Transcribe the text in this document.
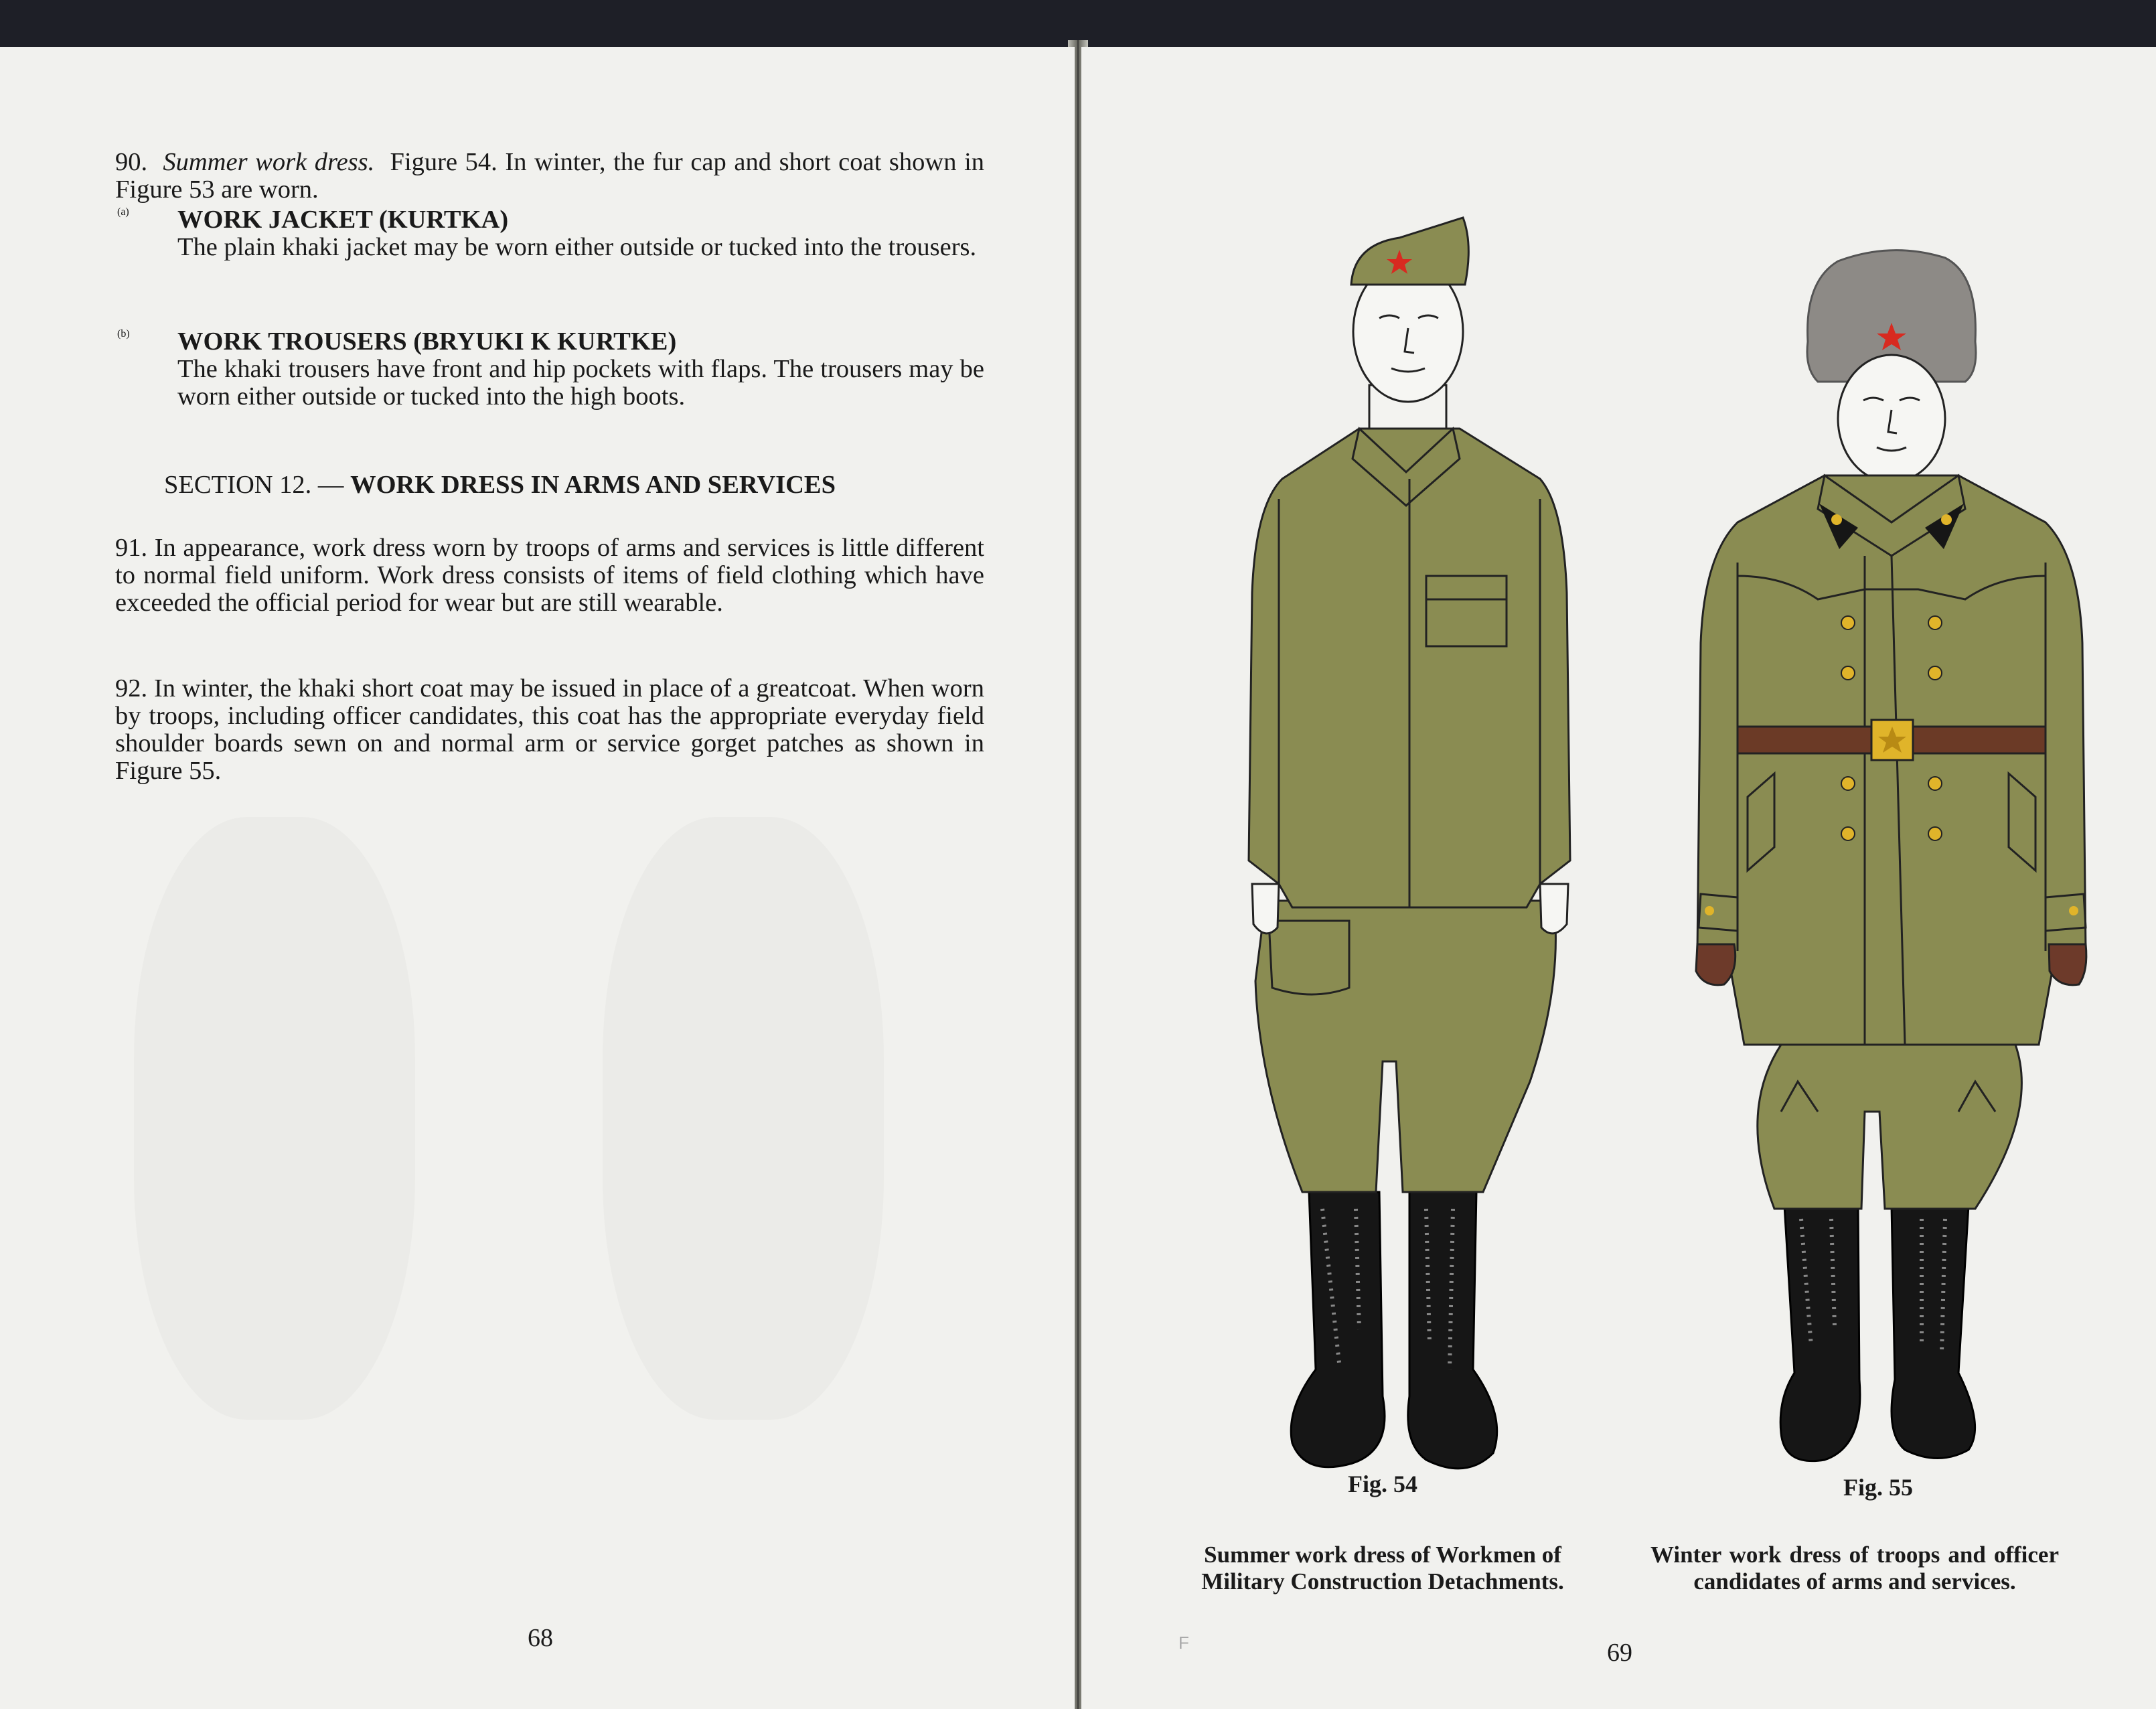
90. Summer work dress. Figure 54. In winter, the fur cap and short coat shown in Figure 53 are worn.

(a) WORK JACKET (KURTKA)

The plain khaki jacket may be worn either outside or tucked into the trousers.

(b) WORK TROUSERS (BRYUKI K KURTKE)

The khaki trousers have front and hip pockets with flaps. The trousers may be worn either outside or tucked into the high boots.

SECTION 12. — WORK DRESS IN ARMS AND SERVICES

91. In appearance, work dress worn by troops of arms and services is little different to normal field uniform. Work dress consists of items of field clothing which have exceeded the official period for wear but are still wearable.

92. In winter, the khaki short coat may be issued in place of a greatcoat. When worn by troops, including officer candidates, this coat has the appropriate everyday field shoulder boards sewn on and normal arm or service gorget patches as shown in Figure 55.

68
Fig. 54	Fig. 55
Summer work dress of Workmen of Military Construction Detachments.
Winter work dress of troops and officer candidates of arms and services.
F	69
